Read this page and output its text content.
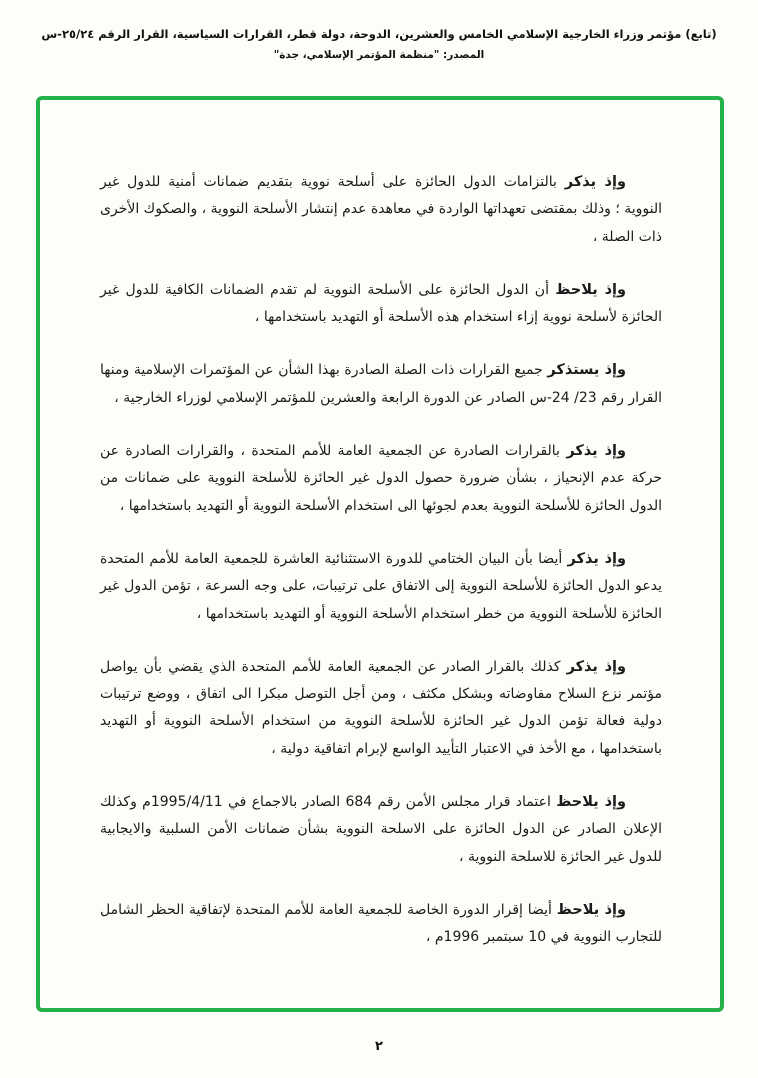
(تابع) مؤتمر وزراء الخارجية الإسلامي الخامس والعشرين، الدوحة، دولة قطر، القرارات السياسية، القرار الرقم ٢٥/٢٤-س
المصدر: "منظمة المؤتمر الإسلامي، جدة"

وإذ يذكر بالتزامات الدول الحائزة على أسلحة نووية بتقديم ضمانات أمنية للدول غير النووية ؛ وذلك بمقتضى تعهداتها الواردة في معاهدة عدم إنتشار الأسلحة النووية ، والصكوك الأخرى ذات الصلة ،

وإذ يلاحظ أن الدول الحائزة على الأسلحة النووية لم تقدم الضمانات الكافية للدول غير الحائزة لأسلحة نووية إزاء استخدام هذه الأسلحة أو التهديد باستخدامها ،

وإذ يستذكر جميع القرارات ذات الصلة الصادرة بهذا الشأن عن المؤتمرات الإسلامية ومنها القرار رقم 23/ 24-س الصادر عن الدورة الرابعة والعشرين للمؤتمر الإسلامي لوزراء الخارجية ،

وإذ يذكر بالقرارات الصادرة عن الجمعية العامة للأمم المتحدة ، والقرارات الصادرة عن حركة عدم الإنحياز ، بشأن ضرورة حصول الدول غير الحائزة للأسلحة النووية على ضمانات من الدول الحائزة للأسلحة النووية بعدم لجوئها الى استخدام الأسلحة النووية أو التهديد باستخدامها ،

وإذ يذكر أيضا بأن البيان الختامي للدورة الاستثنائية العاشرة للجمعية العامة للأمم المتحدة يدعو الدول الحائزة للأسلحة النووية إلى الاتفاق على ترتيبات، على وجه السرعة ، تؤمن الدول غير الحائزة للأسلحة النووية من خطر استخدام الأسلحة النووية أو التهديد باستخدامها ،

وإذ يذكر كذلك بالقرار الصادر عن الجمعية العامة للأمم المتحدة الذي يقضي بأن يواصل مؤتمر نزع السلاح مفاوضاته وبشكل مكثف ، ومن أجل التوصل مبكرا الى اتفاق ، ووضع ترتيبات دولية فعالة تؤمن الدول غير الحائزة للأسلحة النووية من استخدام الأسلحة النووية أو التهديد باستخدامها ، مع الأخذ في الاعتبار التأييد الواسع لإبرام اتفاقية دولية ،

وإذ يلاحظ اعتماد قرار مجلس الأمن رقم 684 الصادر بالاجماع في 1995/4/11م وكذلك الإعلان الصادر عن الدول الحائزة على الاسلحة النووية بشأن ضمانات الأمن السلبية والايجابية للدول غير الحائزة للاسلحة النووية ،

وإذ يلاحظ أيضا إقرار الدورة الخاصة للجمعية العامة للأمم المتحدة لإتفاقية الحظر الشامل للتجارب النووية في 10 سبتمبر 1996م ،

٢
